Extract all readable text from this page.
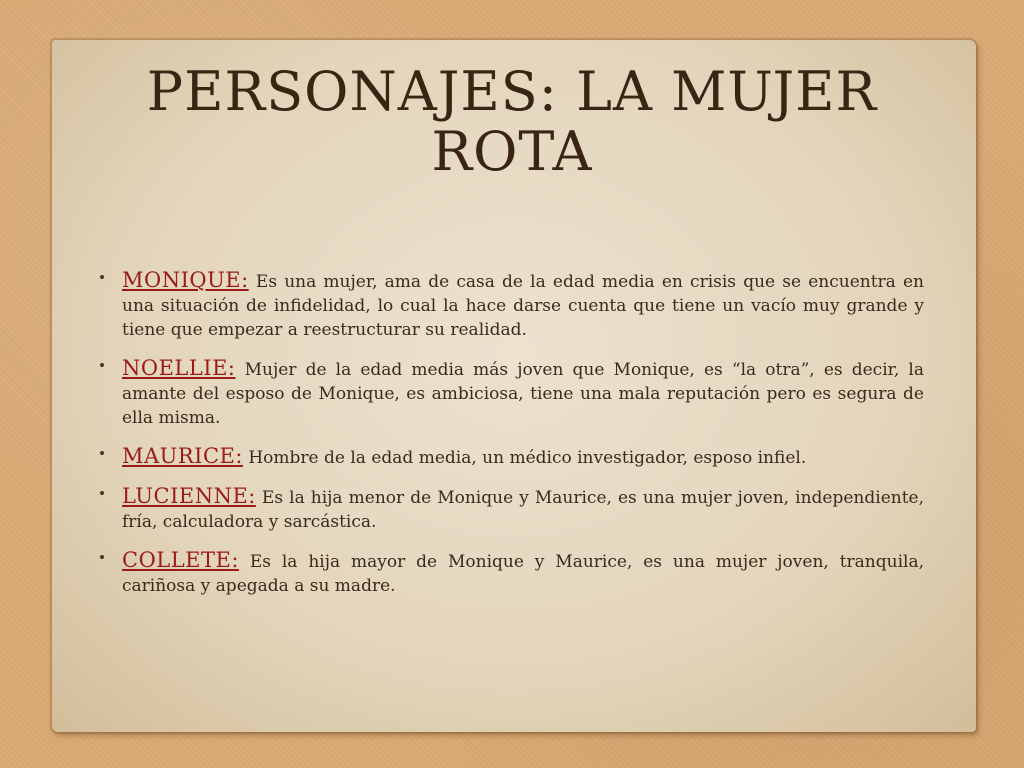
PERSONAJES: LA MUJER
ROTA
MONIQUE: Es una mujer, ama de casa de la edad media en crisis que se encuentra en una situación de infidelidad, lo cual la hace darse cuenta que tiene un vacío muy grande y tiene que empezar a reestructurar su realidad.
NOELLIE: Mujer de la edad media más joven que Monique, es “la otra”, es decir, la amante del esposo de Monique, es ambiciosa, tiene una mala reputación pero es segura de ella misma.
MAURICE: Hombre de la edad media, un médico investigador, esposo infiel.
LUCIENNE: Es la hija menor de Monique y Maurice, es una mujer joven, independiente, fría, calculadora y sarcástica.
COLLETE: Es la hija mayor de Monique y Maurice, es una mujer joven, tranquila, cariñosa y apegada a su madre.
